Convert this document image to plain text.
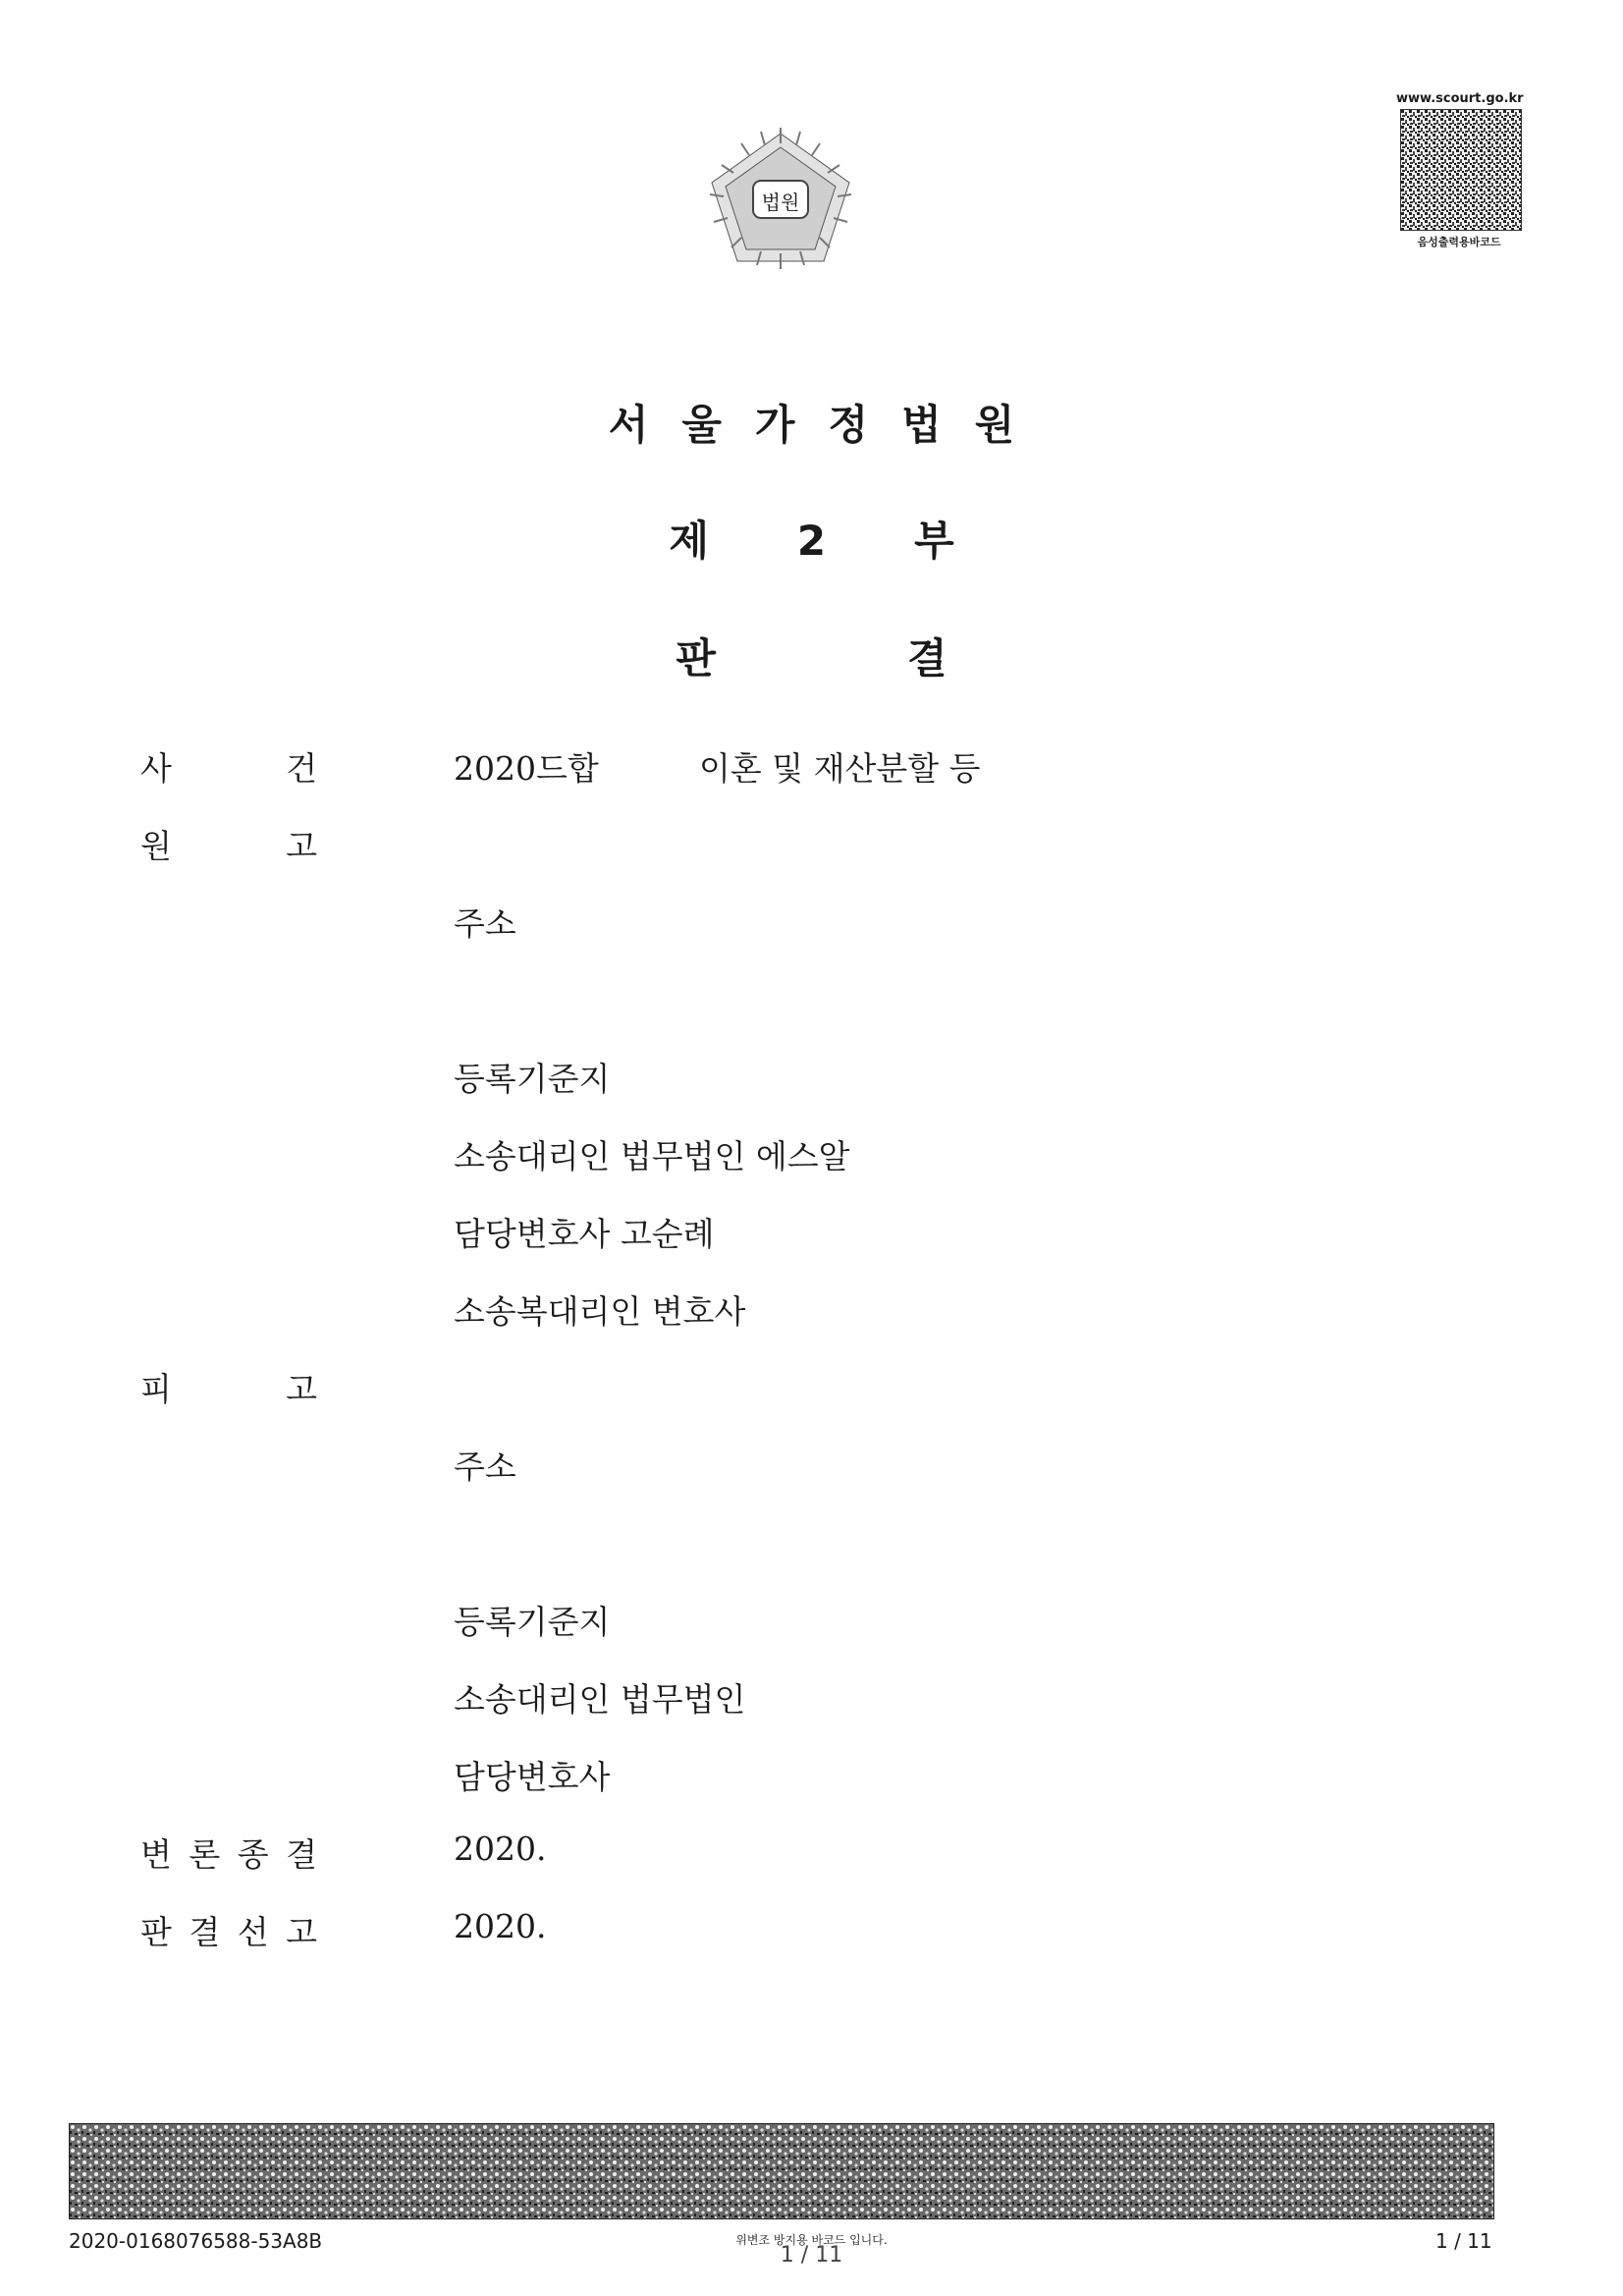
법원
www.scourt.go.kr
음성출력용바코드
서울가정법원
제2부
판결
사	건	2020드합	이혼 및 재산분할 등
원	고
주소
등록기준지
소송대리인 법무법인 에스알
담당변호사 고순례
소송복대리인 변호사
피	고
주소
등록기준지
소송대리인 법무법인
담당변호사
변 론 종 결	2020.
판 결 선 고	2020.
2020-0168076588-53A8B	위변조 방지용 바코드 입니다.
1 / 11
1 / 11
